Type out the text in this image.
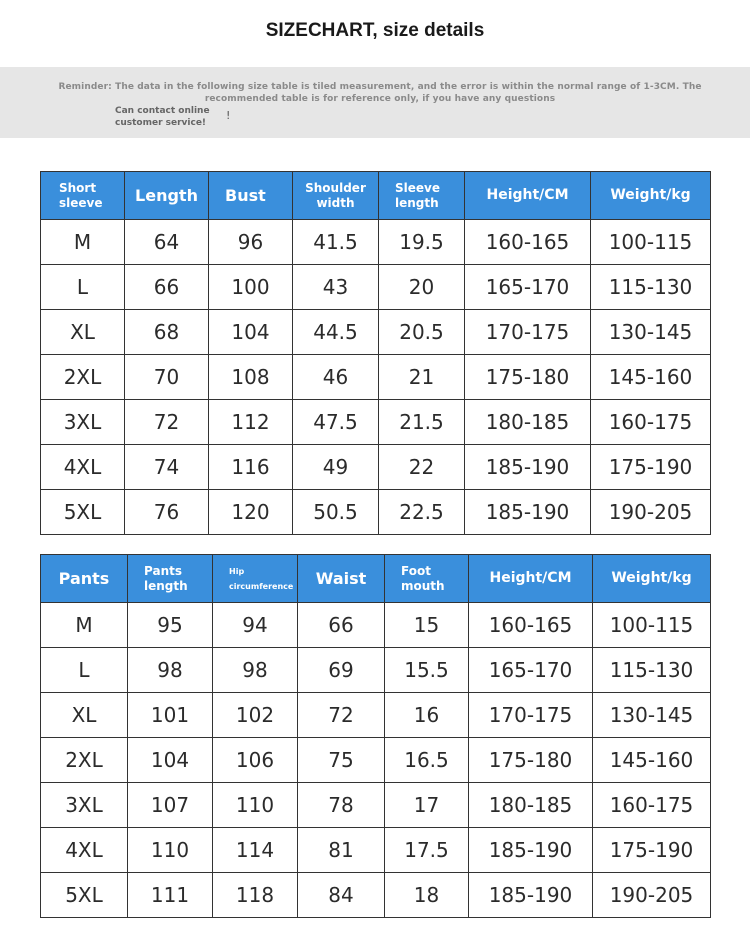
SIZECHART, size details
Reminder: The data in the following size table is tiled measurement, and the error is within the normal range of 1-3CM. The recommended table is for reference only, if you have any questions
Can contact online customer service!
!
Short sleeve	Length	Bust	Shoulder width	Sleeve length	Height/CM	Weight/kg
M	64	96	41.5	19.5	160-165	100-115
L	66	100	43	20	165-170	115-130
XL	68	104	44.5	20.5	170-175	130-145
2XL	70	108	46	21	175-180	145-160
3XL	72	112	47.5	21.5	180-185	160-175
4XL	74	116	49	22	185-190	175-190
5XL	76	120	50.5	22.5	185-190	190-205
Pants	Pants length	Hip circumference	Waist	Foot mouth	Height/CM	Weight/kg
M	95	94	66	15	160-165	100-115
L	98	98	69	15.5	165-170	115-130
XL	101	102	72	16	170-175	130-145
2XL	104	106	75	16.5	175-180	145-160
3XL	107	110	78	17	180-185	160-175
4XL	110	114	81	17.5	185-190	175-190
5XL	111	118	84	18	185-190	190-205
